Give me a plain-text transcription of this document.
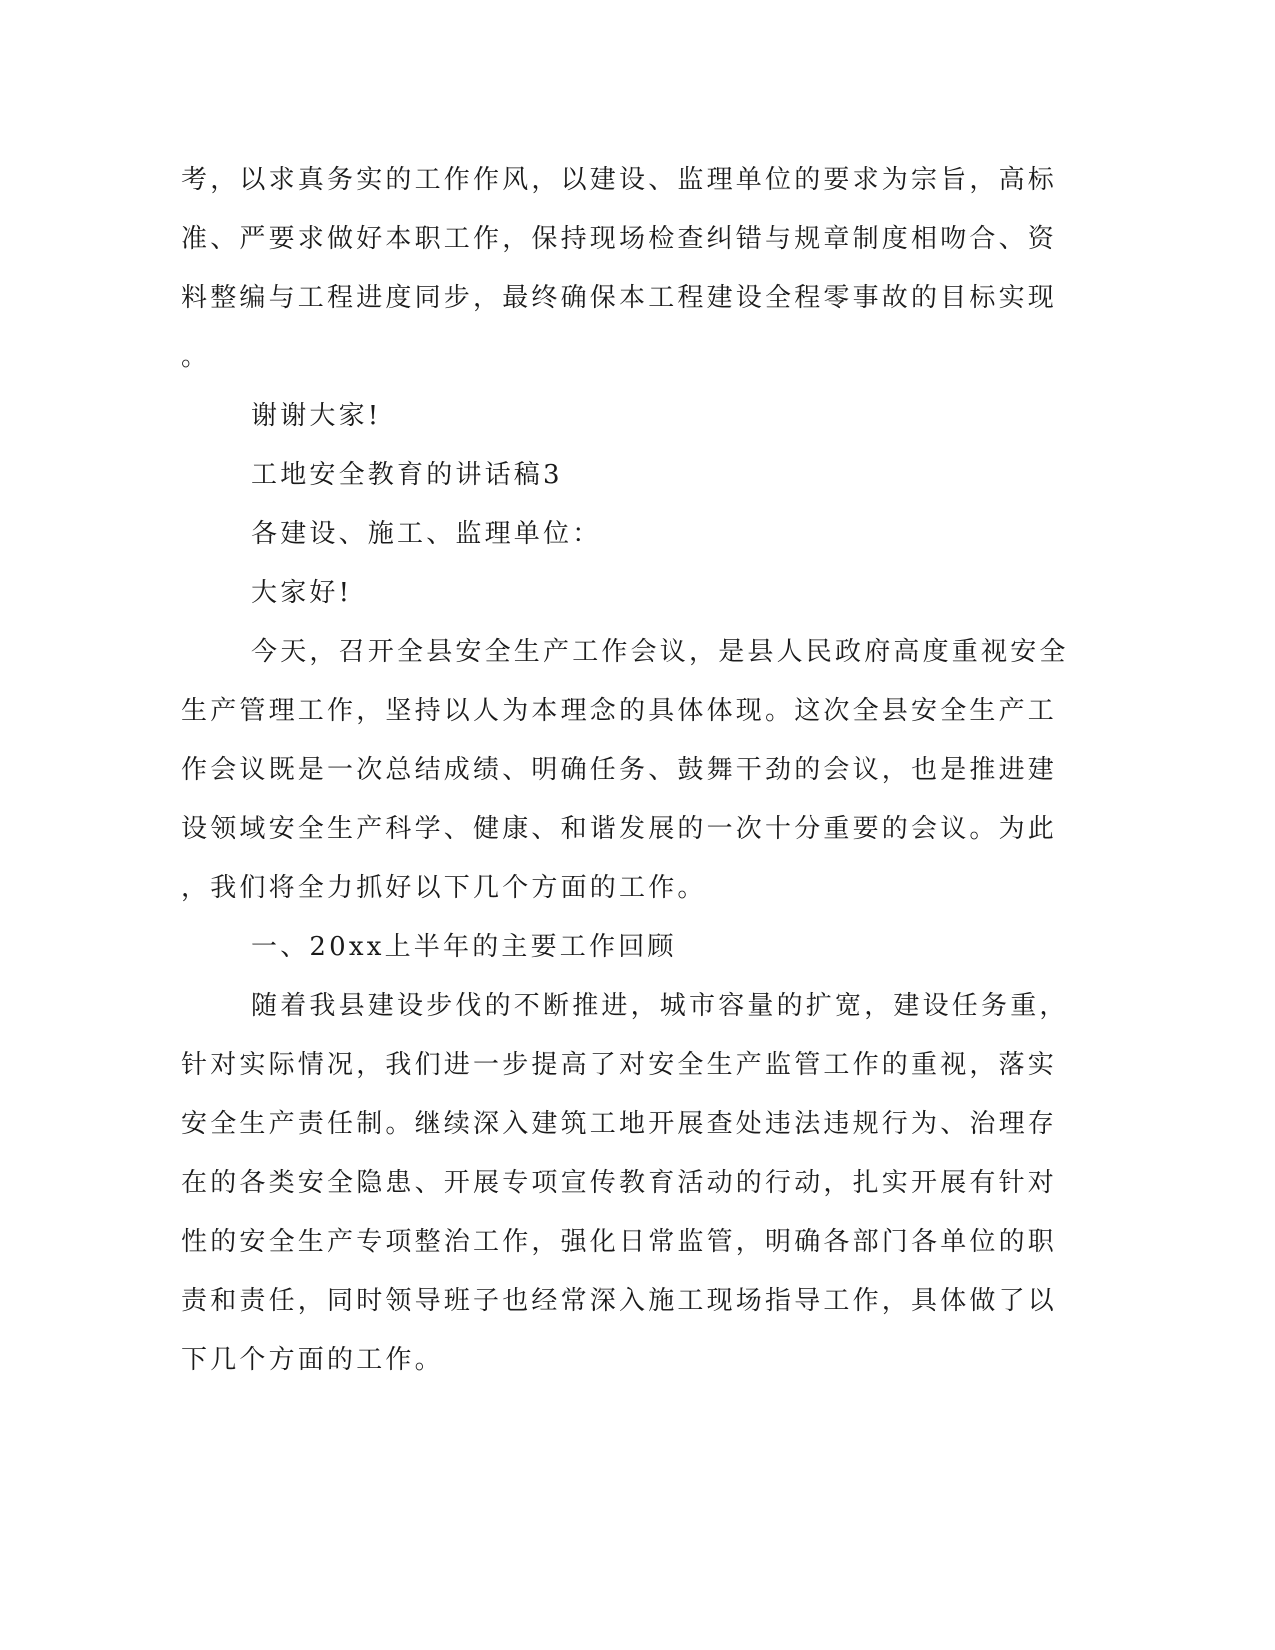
考，以求真务实的工作作风，以建设、监理单位的要求为宗旨，高标
准、严要求做好本职工作，保持现场检查纠错与规章制度相吻合、资
料整编与工程进度同步，最终确保本工程建设全程零事故的目标实现
。
谢谢大家!
工地安全教育的讲话稿3
各建设、施工、监理单位：
大家好!
今天，召开全县安全生产工作会议，是县人民政府高度重视安全
生产管理工作，坚持以人为本理念的具体体现。这次全县安全生产工
作会议既是一次总结成绩、明确任务、鼓舞干劲的会议，也是推进建
设领域安全生产科学、健康、和谐发展的一次十分重要的会议。为此
，我们将全力抓好以下几个方面的工作。
一、20xx上半年的主要工作回顾
随着我县建设步伐的不断推进，城市容量的扩宽，建设任务重，
针对实际情况，我们进一步提高了对安全生产监管工作的重视，落实
安全生产责任制。继续深入建筑工地开展查处违法违规行为、治理存
在的各类安全隐患、开展专项宣传教育活动的行动，扎实开展有针对
性的安全生产专项整治工作，强化日常监管，明确各部门各单位的职
责和责任，同时领导班子也经常深入施工现场指导工作，具体做了以
下几个方面的工作。
